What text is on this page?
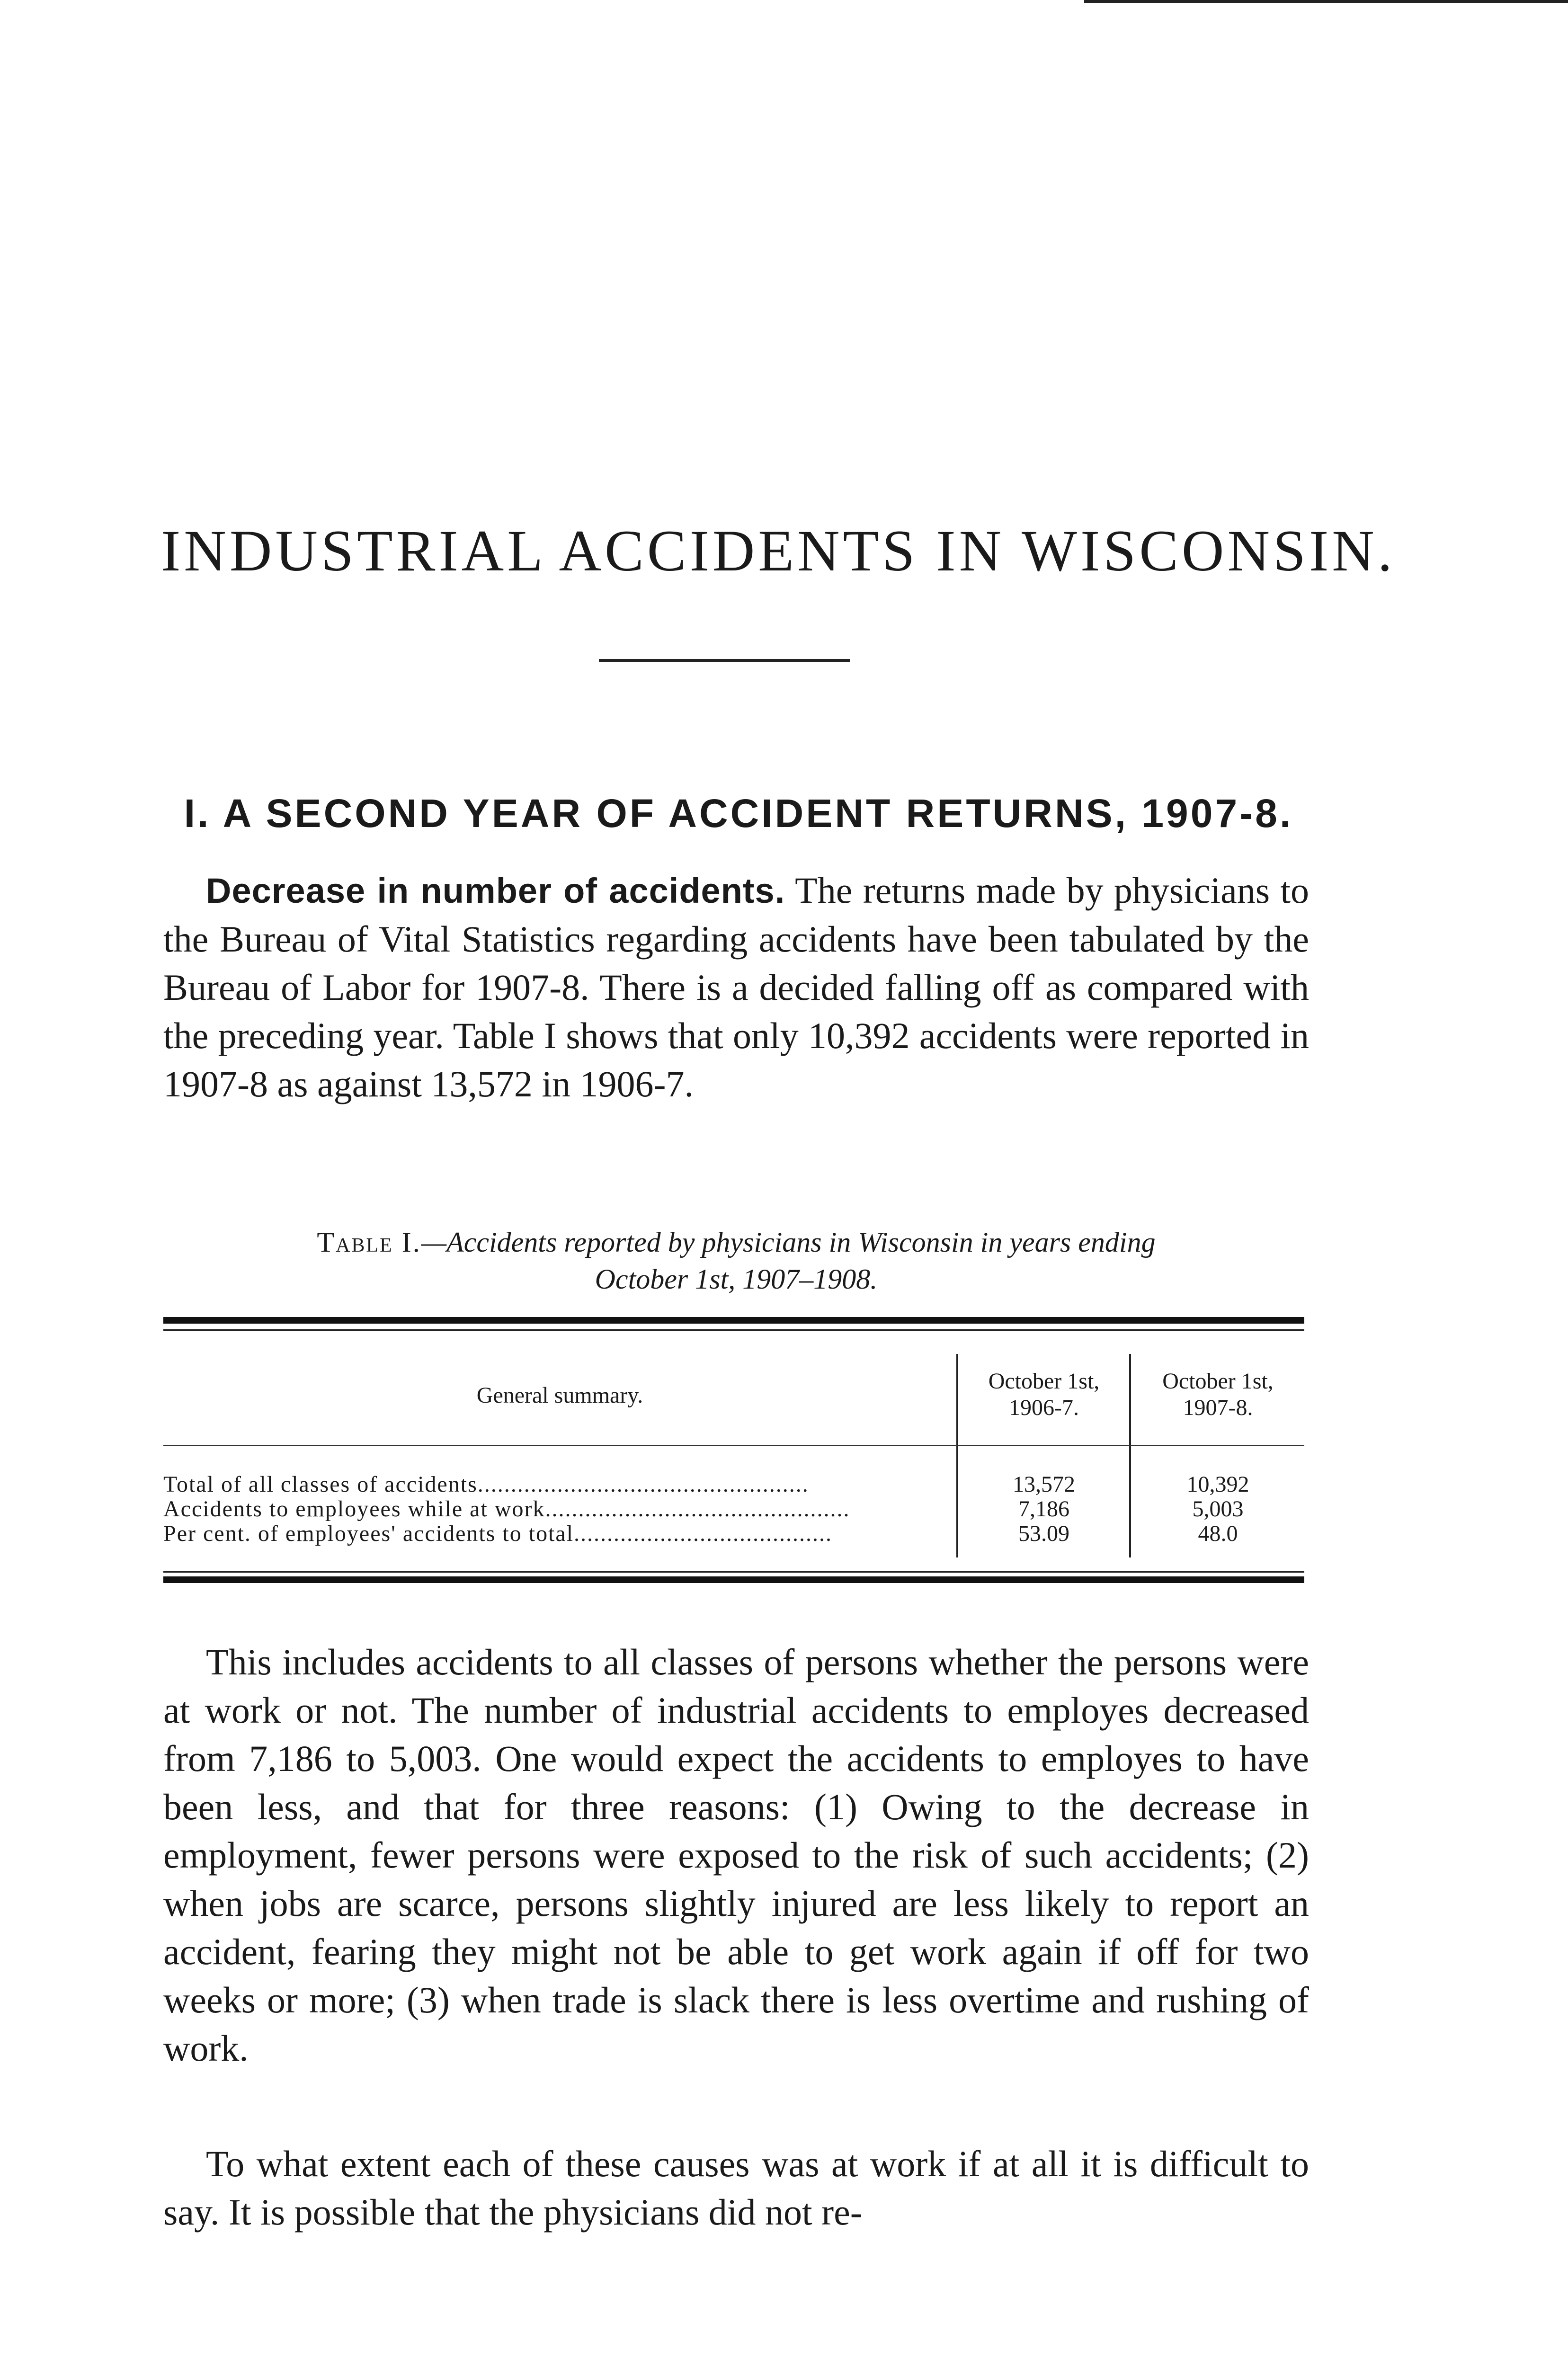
INDUSTRIAL ACCIDENTS IN WISCONSIN.
I. A SECOND YEAR OF ACCIDENT RETURNS, 1907-8.

Decrease in number of accidents. The returns made by physicians to the Bureau of Vital Statistics regarding accidents have been tabulated by the Bureau of Labor for 1907-8. There is a decided falling off as compared with the preceding year. Table I shows that only 10,392 accidents were reported in 1907-8 as against 13,572 in 1906-7.

Table I.—Accidents reported by physicians in Wisconsin in years ending
October 1st, 1907–1908.
General summary.
October 1st,
1906-7.
October 1st,
1907-8.
Total of all classes of accidents..................................................	13,572	10,392
Accidents to employees while at work..............................................	7,186	5,003
Per cent. of employees' accidents to total.......................................	53.09	48.0

This includes accidents to all classes of persons whether the persons were at work or not. The number of industrial accidents to employes decreased from 7,186 to 5,003. One would expect the accidents to employes to have been less, and that for three reasons: (1) Owing to the decrease in employment, fewer persons were exposed to the risk of such accidents; (2) when jobs are scarce, persons slightly injured are less likely to report an accident, fearing they might not be able to get work again if off for two weeks or more; (3) when trade is slack there is less overtime and rushing of work.

To what extent each of these causes was at work if at all it is difficult to say. It is possible that the physicians did not re-
